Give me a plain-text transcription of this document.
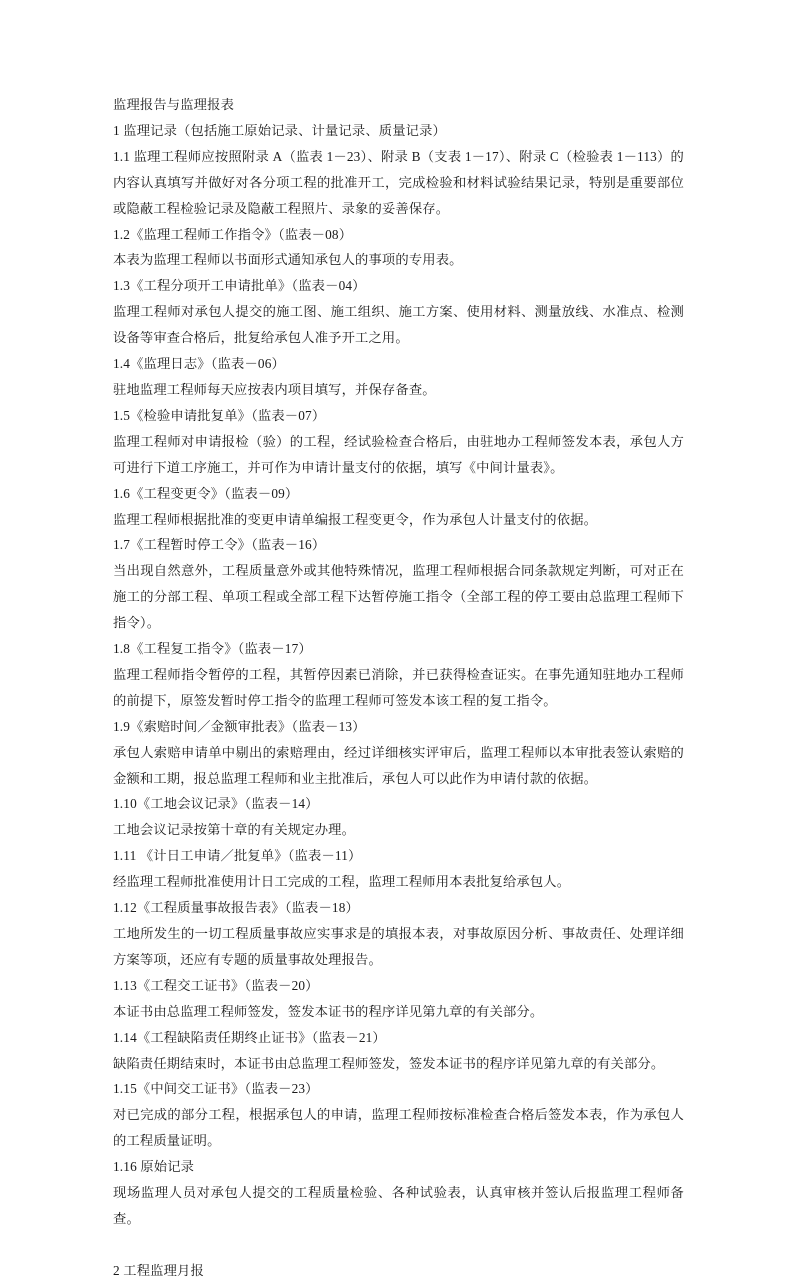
监理报告与监理报表

1 监理记录（包括施工原始记录、计量记录、质量记录）

1.1 监理工程师应按照附录 A（监表 1－23）、附录 B（支表 1－17）、附录 C（检验表 1－113）的内容认真填写并做好对各分项工程的批准开工，完成检验和材料试验结果记录，特别是重要部位或隐蔽工程检验记录及隐蔽工程照片、录象的妥善保存。

1.2《监理工程师工作指令》（监表－08）

本表为监理工程师以书面形式通知承包人的事项的专用表。

1.3《工程分项开工申请批单》（监表－04）

监理工程师对承包人提交的施工图、施工组织、施工方案、使用材料、测量放线、水准点、检测设备等审查合格后，批复给承包人准予开工之用。

1.4《监理日志》（监表－06）

驻地监理工程师每天应按表内项目填写，并保存备查。

1.5《检验申请批复单》（监表－07）

监理工程师对申请报检（验）的工程，经试验检查合格后，由驻地办工程师签发本表，承包人方可进行下道工序施工，并可作为申请计量支付的依据，填写《中间计量表》。

1.6《工程变更令》（监表－09）

监理工程师根据批准的变更申请单编报工程变更令，作为承包人计量支付的依据。

1.7《工程暂时停工令》（监表－16）

当出现自然意外，工程质量意外或其他特殊情况，监理工程师根据合同条款规定判断，可对正在施工的分部工程、单项工程或全部工程下达暂停施工指令（全部工程的停工要由总监理工程师下指令）。

1.8《工程复工指令》（监表－17）

监理工程师指令暂停的工程，其暂停因素已消除，并已获得检查证实。在事先通知驻地办工程师的前提下，原签发暂时停工指令的监理工程师可签发本该工程的复工指令。

1.9《索赔时间／金额审批表》（监表－13）

承包人索赔申请单中剔出的索赔理由，经过详细核实评审后，监理工程师以本审批表签认索赔的金额和工期，报总监理工程师和业主批准后，承包人可以此作为申请付款的依据。

1.10《工地会议记录》（监表－14）

工地会议记录按第十章的有关规定办理。

1.11 《计日工申请／批复单》（监表－11）

经监理工程师批准使用计日工完成的工程，监理工程师用本表批复给承包人。

1.12《工程质量事故报告表》（监表－18）

工地所发生的一切工程质量事故应实事求是的填报本表，对事故原因分析、事故责任、处理详细方案等项，还应有专题的质量事故处理报告。

1.13《工程交工证书》（监表－20）

本证书由总监理工程师签发，签发本证书的程序详见第九章的有关部分。

1.14《工程缺陷责任期终止证书》（监表－21）

缺陷责任期结束时，本证书由总监理工程师签发，签发本证书的程序详见第九章的有关部分。

1.15《中间交工证书》（监表－23）

对已完成的部分工程，根据承包人的申请，监理工程师按标准检查合格后签发本表，作为承包人的工程质量证明。

1.16 原始记录

现场监理人员对承包人提交的工程质量检验、各种试验表，认真审核并签认后报监理工程师备查。

2 工程监理月报
